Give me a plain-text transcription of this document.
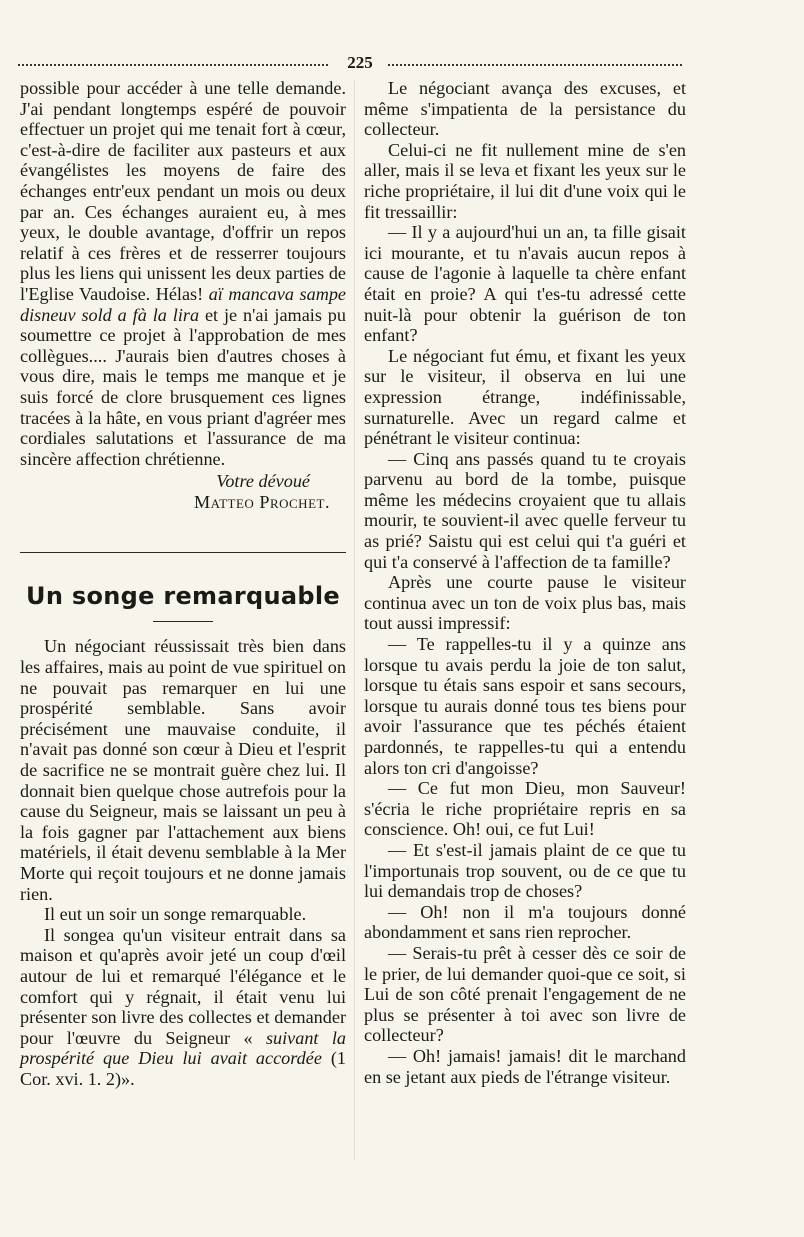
225

possible pour accéder à une telle demande. J'ai pendant longtemps espéré de pouvoir effectuer un projet qui me tenait fort à cœur, c'est-à-dire de faciliter aux pasteurs et aux évangélistes les moyens de faire des échanges entr'eux pendant un mois ou deux par an. Ces échanges auraient eu, à mes yeux, le double avantage, d'offrir un repos relatif à ces frères et de resserrer toujours plus les liens qui unissent les deux parties de l'Eglise Vaudoise. Hélas! aï mancava sampe disneuv sold a fà la lira et je n'ai jamais pu soumettre ce projet à l'approbation de mes collègues.... J'aurais bien d'autres choses à vous dire, mais le temps me manque et je suis forcé de clore brusquement ces lignes tracées à la hâte, en vous priant d'agréer mes cordiales salutations et l'assurance de ma sincère affection chrétienne.

Votre dévoué

Matteo Prochet.

Un songe remarquable

Un négociant réussissait très bien dans les affaires, mais au point de vue spirituel on ne pouvait pas remarquer en lui une prospérité semblable. Sans avoir précisément une mauvaise conduite, il n'avait pas donné son cœur à Dieu et l'esprit de sacrifice ne se montrait guère chez lui. Il donnait bien quelque chose autrefois pour la cause du Seigneur, mais se laissant un peu à la fois gagner par l'attachement aux biens matériels, il était devenu semblable à la Mer Morte qui reçoit toujours et ne donne jamais rien.

Il eut un soir un songe remarquable.

Il songea qu'un visiteur entrait dans sa maison et qu'après avoir jeté un coup d'œil autour de lui et remarqué l'élégance et le comfort qui y régnait, il était venu lui présenter son livre des collectes et demander pour l'œuvre du Seigneur « suivant la prospérité que Dieu lui avait accordée (1 Cor. xvi. 1. 2)».

Le négociant avança des excuses, et même s'impatienta de la persistance du collecteur.

Celui-ci ne fit nullement mine de s'en aller, mais il se leva et fixant les yeux sur le riche propriétaire, il lui dit d'une voix qui le fit tressaillir:

— Il y a aujourd'hui un an, ta fille gisait ici mourante, et tu n'avais aucun repos à cause de l'agonie à laquelle ta chère enfant était en proie? A qui t'es-tu adressé cette nuit-là pour obtenir la guérison de ton enfant?

Le négociant fut ému, et fixant les yeux sur le visiteur, il observa en lui une expression étrange, indéfinissable, surnaturelle. Avec un regard calme et pénétrant le visiteur continua:

— Cinq ans passés quand tu te croyais parvenu au bord de la tombe, puisque même les médecins croyaient que tu allais mourir, te souvient-il avec quelle ferveur tu as prié? Saistu qui est celui qui t'a guéri et qui t'a conservé à l'affection de ta famille?

Après une courte pause le visiteur continua avec un ton de voix plus bas, mais tout aussi impressif:

— Te rappelles-tu il y a quinze ans lorsque tu avais perdu la joie de ton salut, lorsque tu étais sans espoir et sans secours, lorsque tu aurais donné tous tes biens pour avoir l'assurance que tes péchés étaient pardonnés, te rappelles-tu qui a entendu alors ton cri d'angoisse?

— Ce fut mon Dieu, mon Sauveur! s'écria le riche propriétaire repris en sa conscience. Oh! oui, ce fut Lui!

— Et s'est-il jamais plaint de ce que tu l'importunais trop souvent, ou de ce que tu lui demandais trop de choses?

— Oh! non il m'a toujours donné abondamment et sans rien reprocher.

— Serais-tu prêt à cesser dès ce soir de le prier, de lui demander quoi-que ce soit, si Lui de son côté prenait l'engagement de ne plus se présenter à toi avec son livre de collecteur?

— Oh! jamais! jamais! dit le marchand en se jetant aux pieds de l'étrange visiteur.
